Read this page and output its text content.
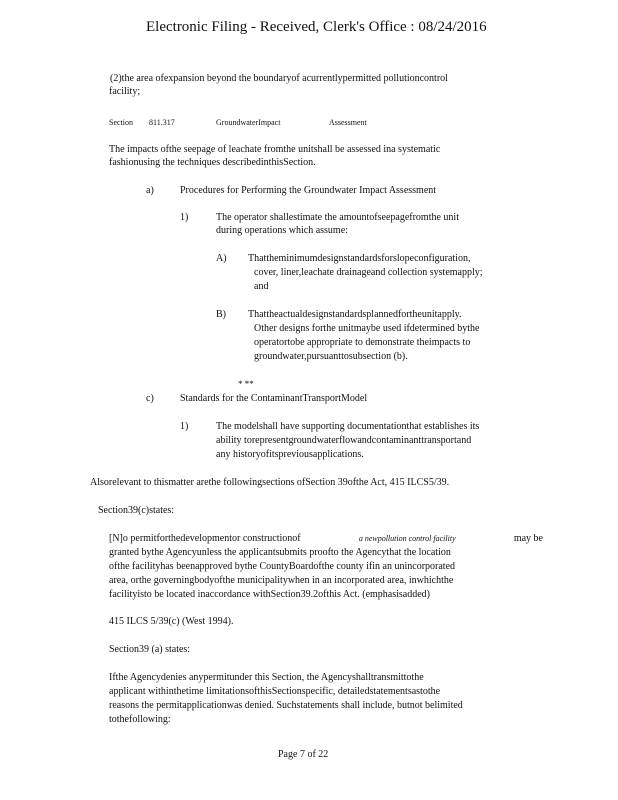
Electronic Filing - Received, Clerk's Office : 08/24/2016
(2)the area ofexpansion beyond the boundaryof acurrentlypermitted pollutioncontrol
facility;
Section 811.317	GroundwaterImpact	Assessment
The impacts ofthe seepage of leachate fromthe unitshall be assessed ina systematic
fashionusing the techniques describedinthisSection.
a)	Procedures for Performing the Groundwater Impact Assessment
1)	The operator shallestimate the amountofseepagefromthe unit
during operations which assume:
A) Thattheminimumdesignstandardsforslopeconfiguration,
cover, liner,leachate drainageand collection systemapply;
and
B) Thattheactualdesignstandardsplannedfortheunitapply.
Other designs forthe unitmaybe used ifdetermined bythe
operatortobe appropriate to demonstrate theimpacts to
groundwater,pursuanttosubsection (b).
* **
c)	Standards for the ContaminantTransportModel
1)	The modelshall have supporting documentationthat establishes its
ability torepresentgroundwaterflowandcontaminanttransportand
any historyofitspreviousapplications.
Alsorelevant to thismatter arethe followingsections ofSection 39ofthe Act, 415 ILCS5/39.
Section39(c)states:
[N]o permitforthedevelopmentor constructionof	a newpollution control facility	may be
granted bythe Agencyunless the applicantsubmits proofto the Agencythat the location
ofthe facilityhas beenapproved bythe CountyBoardofthe county ifin an unincorporated
area, orthe governingbodyofthe municipalitywhen in an incorporated area, inwhichthe
facilityisto be located inaccordance withSection39.2ofthis Act. (emphasisadded)
415 ILCS 5/39(c) (West 1994).
Section39 (a) states:
Ifthe Agencydenies anypermitunder this Section, the Agencyshalltransmittothe
applicant withinthetime limitationsofthisSectionspecific, detailedstatementsastothe
reasons the permitapplicationwas denied. Suchstatements shall include, butnot belimited
tothefollowing:
Page 7 of 22
